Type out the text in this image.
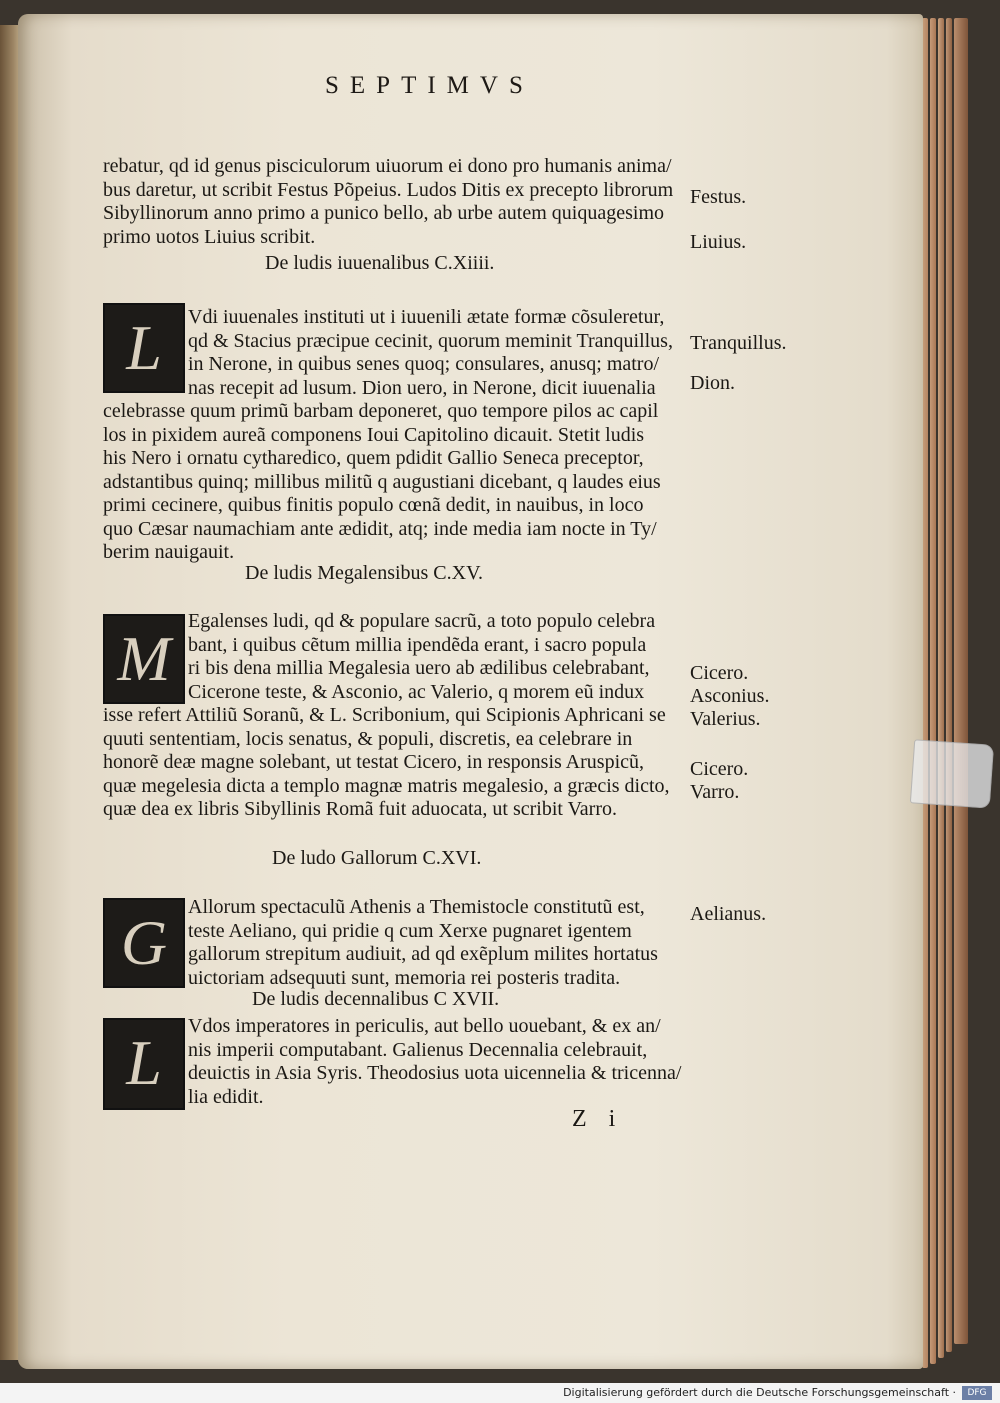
SEPTIMVS
rebatur, qd id genus pisciculorum uiuorum ei dono pro humanis anima/
bus daretur, ut scribit Festus Põpeius. Ludos Ditis ex precepto librorum
Sibyllinorum anno primo a punico bello, ab urbe autem quiquagesimo
primo uotos Liuius scribit.
De ludis iuuenalibus C.Xiiii.
L	Vdi iuuenales instituti ut i iuuenili ætate formæ cõsuleretur,
qd & Stacius præcipue cecinit, quorum meminit Tranquillus,
in Nerone, in quibus senes quoq; consulares, anusq; matro/
nas recepit ad lusum. Dion uero, in Nerone, dicit iuuenalia
celebrasse quum primũ barbam deponeret, quo tempore pilos ac capil
los in pixidem aureã componens Ioui Capitolino dicauit. Stetit ludis
his Nero i ornatu cytharedico, quem pdidit Gallio Seneca preceptor,
adstantibus quinq; millibus militũ q augustiani dicebant, q laudes eius
primi cecinere, quibus finitis populo cœnã dedit, in nauibus, in loco
quo Cæsar naumachiam ante ædidit, atq; inde media iam nocte in Ty/
berim nauigauit.
De ludis Megalensibus C.XV.
M
Egalenses ludi, qd & populare sacrũ, a toto populo celebra
bant, i quibus cẽtum millia ipendẽda erant, i sacro popula
ri bis dena millia Megalesia uero ab ædilibus celebrabant,
Cicerone teste, & Asconio, ac Valerio, q morem eũ indux
isse refert Attiliũ Soranũ, & L. Scribonium, qui Scipionis Aphricani se
quuti sententiam, locis senatus, & populi, discretis, ea celebrare in
honorẽ deæ magne solebant, ut testat Cicero, in responsis Aruspicũ,
quæ megelesia dicta a templo magnæ matris megalesio, a græcis dicto,
quæ dea ex libris Sibyllinis Romã fuit aduocata, ut scribit Varro.
De ludo Gallorum C.XVI.
G	Allorum spectaculũ Athenis a Themistocle constitutũ est,
teste Aeliano, qui pridie q cum Xerxe pugnaret igentem
gallorum strepitum audiuit, ad qd exẽplum milites hortatus
uictoriam adsequuti sunt, memoria rei posteris tradita.
De ludis decennalibus C XVII.
L
Vdos imperatores in periculis, aut bello uouebant, & ex an/
nis imperii computabant. Galienus Decennalia celebrauit,
deuictis in Asia Syris. Theodosius uota uicennelia & tricenna/
lia edidit.
Festus.
Liuius.
Tranquillus.
Dion.
Cicero.
Asconius.
Valerius.
Cicero.
Varro.
Aelianus.
Z i
Digitalisierung gefördert durch die Deutsche Forschungsgemeinschaft ·	DFG
